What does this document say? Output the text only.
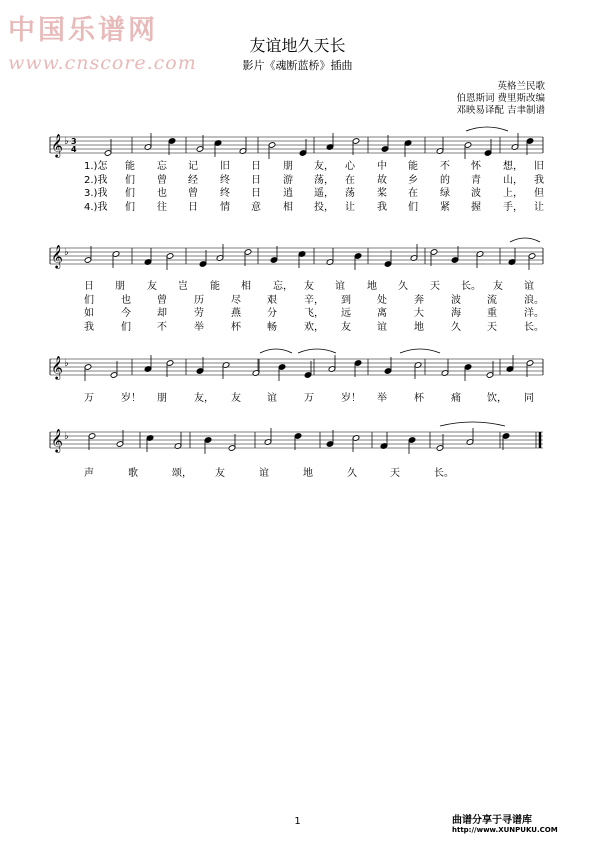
中国乐谱网
www.cnscore.com
友谊地久天长
影片《魂断蓝桥》插曲
英格兰民歌
伯恩斯词 费里斯改编
邓映易译配 吉聿制谱
𝄞 ♭ 3
4
𝄞 ♭
𝄞 ♭
𝄞 ♭
1.)怎 能 忘 记 旧 日 朋 友， 心 中 能 不 怀 想， 旧
2.)我 们 曾 经 终 日 游 荡， 在 故 乡 的 青 山， 我
3.)我 们 也 曾 终 日 逍 遥， 荡 桨 在 绿 波 上， 但
4.)我 们 往 日 情 意 相 投， 让 我 们 紧 握 手， 让
日 朋 友 岂 能 相 忘， 友 谊 地 久 天 长。 友 谊
们	也	曾	历	尽	艰	辛， 到	处	奔	波	流	浪。
如	今	却	劳	燕	分	飞， 远	离	大	海	重	洋。
我	们	不	举	杯	畅	欢， 友	谊	地	久	天	长。
万	岁！ 朋	友， 友	谊	万	岁！ 举	杯	痛	饮， 同
声	歌	颂， 友	谊	地	久	天	长。
1	曲谱分享于寻谱库
http://www.XUNPUKU.COM
